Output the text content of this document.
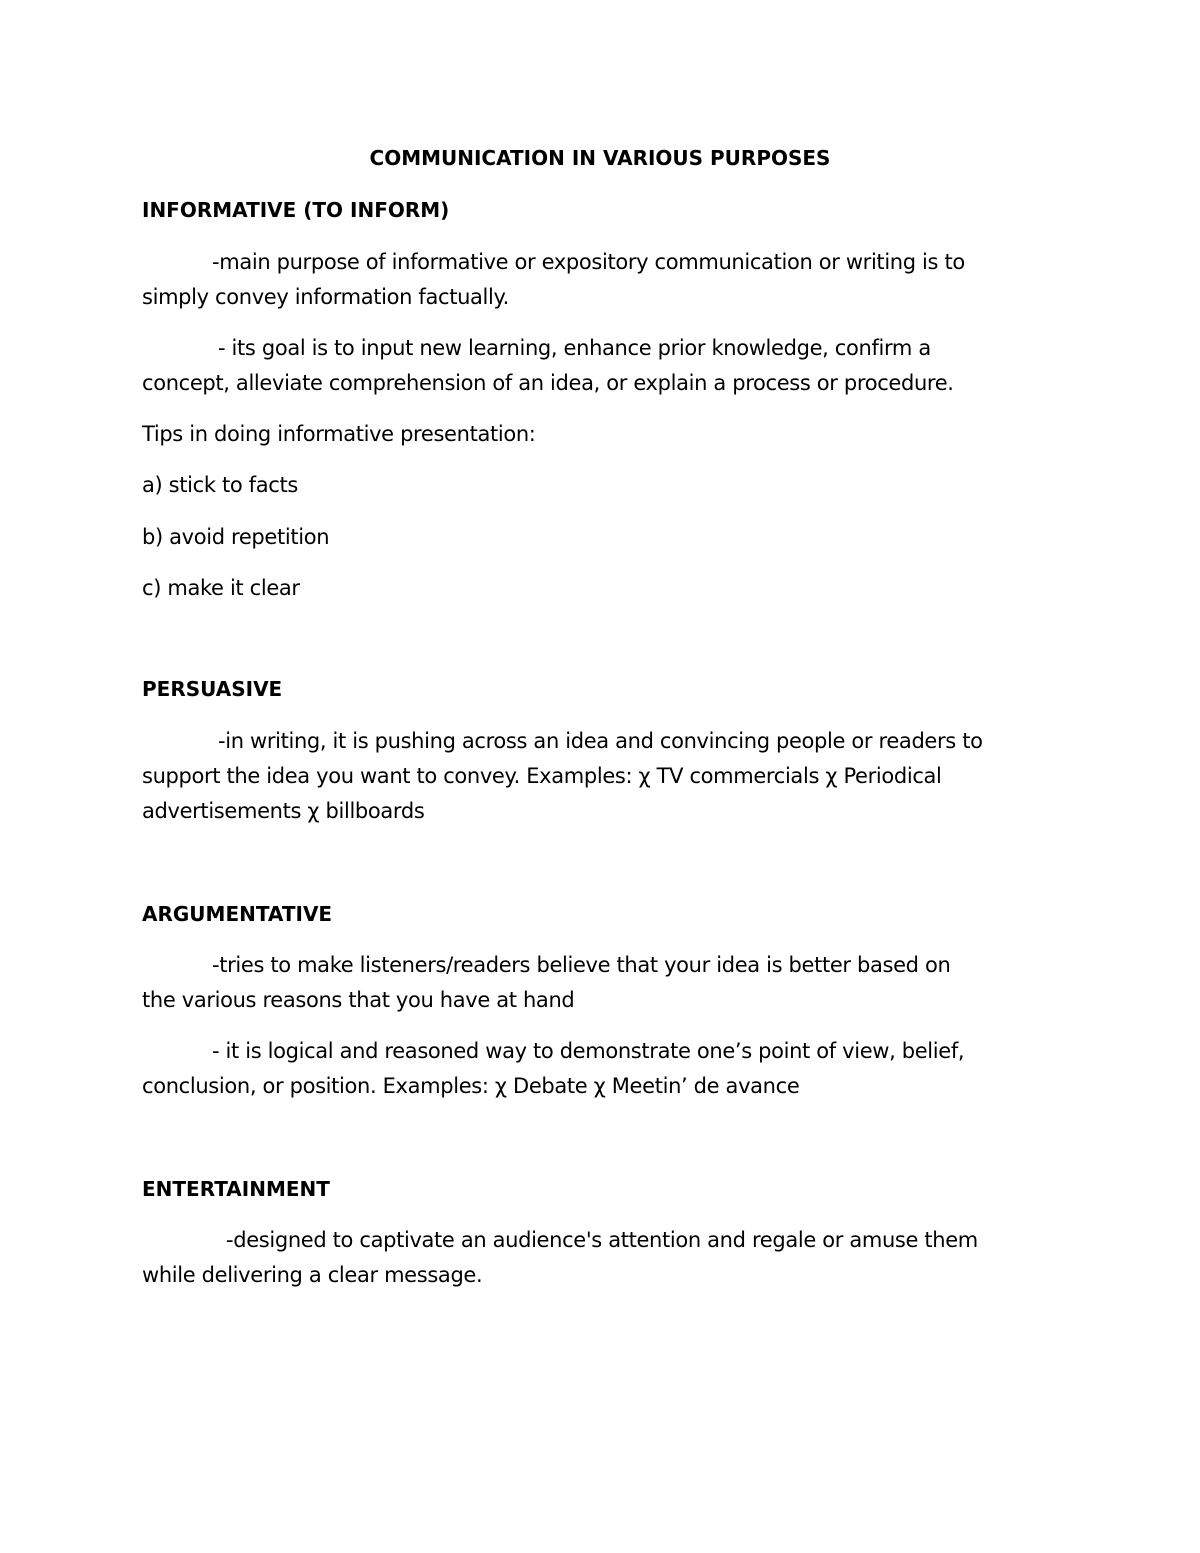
COMMUNICATION IN VARIOUS PURPOSES
INFORMATIVE (TO INFORM)
-main purpose of informative or expository communication or writing is to
simply convey information factually.
- its goal is to input new learning, enhance prior knowledge, confirm a
concept, alleviate comprehension of an idea, or explain a process or procedure.
Tips in doing informative presentation:
a) stick to facts
b) avoid repetition
c) make it clear
PERSUASIVE
-in writing, it is pushing across an idea and convincing people or readers to
support the idea you want to convey. Examples: χ TV commercials χ Periodical
advertisements χ billboards
ARGUMENTATIVE
-tries to make listeners/readers believe that your idea is better based on
the various reasons that you have at hand
- it is logical and reasoned way to demonstrate one’s point of view, belief,
conclusion, or position. Examples: χ Debate χ Meetin’ de avance
ENTERTAINMENT
-designed to captivate an audience's attention and regale or amuse them
while delivering a clear message.
